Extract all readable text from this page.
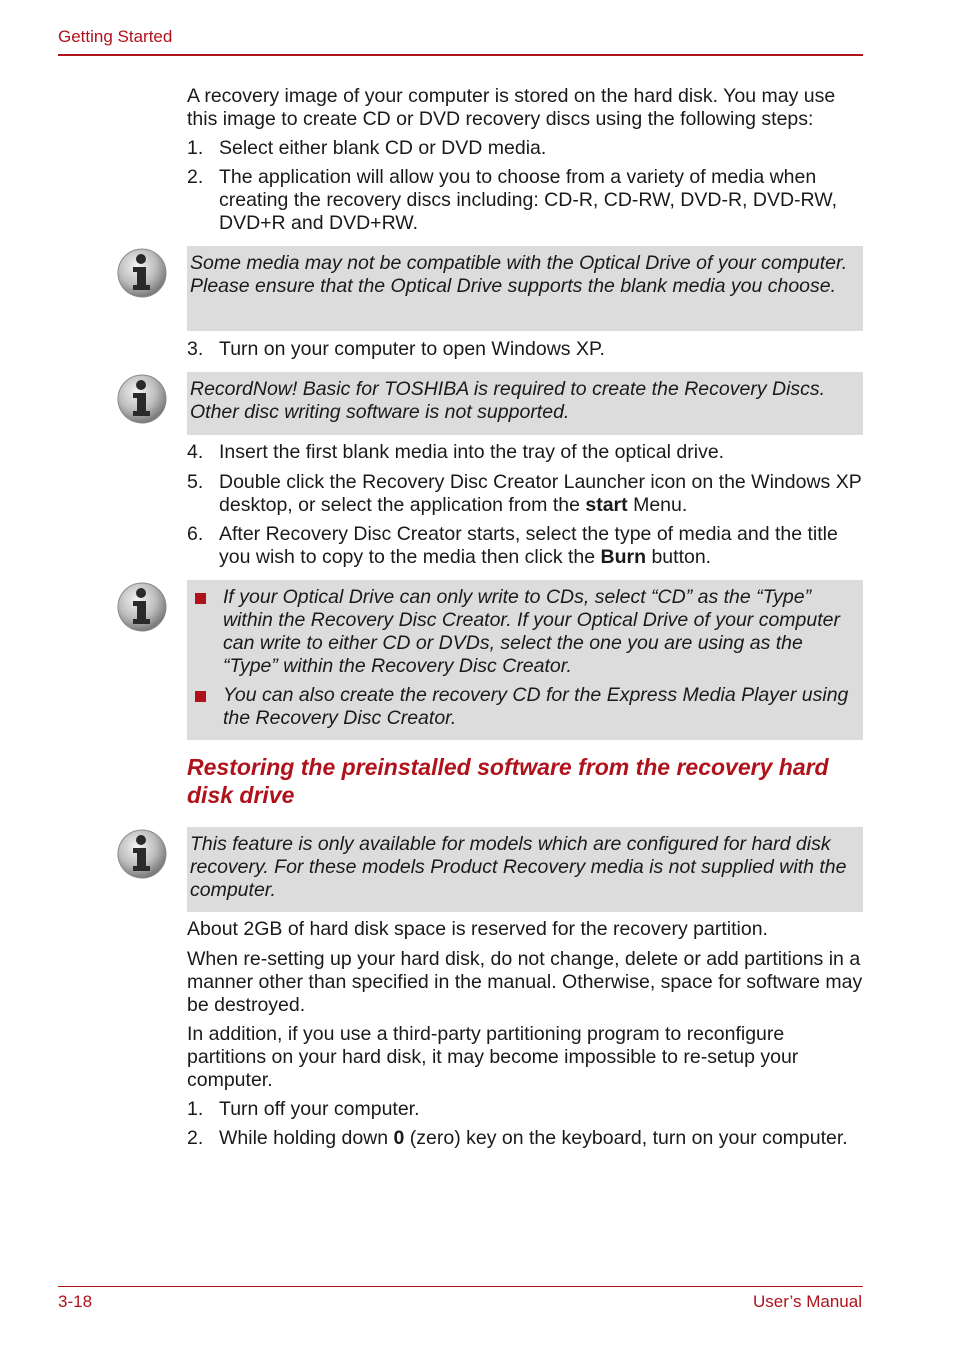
Getting Started

A recovery image of your computer is stored on the hard disk. You may use this image to create CD or DVD recovery discs using the following steps:

1. Select either blank CD or DVD media.
2. The application will allow you to choose from a variety of media when creating the recovery discs including: CD-R, CD-RW, DVD-R, DVD-RW, DVD+R and DVD+RW.
Some media may not be compatible with the Optical Drive of your computer. Please ensure that the Optical Drive supports the blank media you choose.
3. Turn on your computer to open Windows XP.
RecordNow! Basic for TOSHIBA is required to create the Recovery Discs. Other disc writing software is not supported.
4. Insert the first blank media into the tray of the optical drive.
5. Double click the Recovery Disc Creator Launcher icon on the Windows XP desktop, or select the application from the start Menu.
6. After Recovery Disc Creator starts, select the type of media and the title you wish to copy to the media then click the Burn button.
If your Optical Drive can only write to CDs, select “CD” as the “Type” within the Recovery Disc Creator. If your Optical Drive of your computer can write to either CD or DVDs, select the one you are using as the “Type” within the Recovery Disc Creator.
You can also create the recovery CD for the Express Media Player using the Recovery Disc Creator.
Restoring the preinstalled software from the recovery hard disk drive
This feature is only available for models which are configured for hard disk recovery. For these models Product Recovery media is not supplied with the computer.

About 2GB of hard disk space is reserved for the recovery partition.

When re-setting up your hard disk, do not change, delete or add partitions in a manner other than specified in the manual. Otherwise, space for software may be destroyed.

In addition, if you use a third-party partitioning program to reconfigure partitions on your hard disk, it may become impossible to re-setup your computer.

1. Turn off your computer.
2. While holding down 0 (zero) key on the keyboard, turn on your computer.
3-18	User’s Manual
